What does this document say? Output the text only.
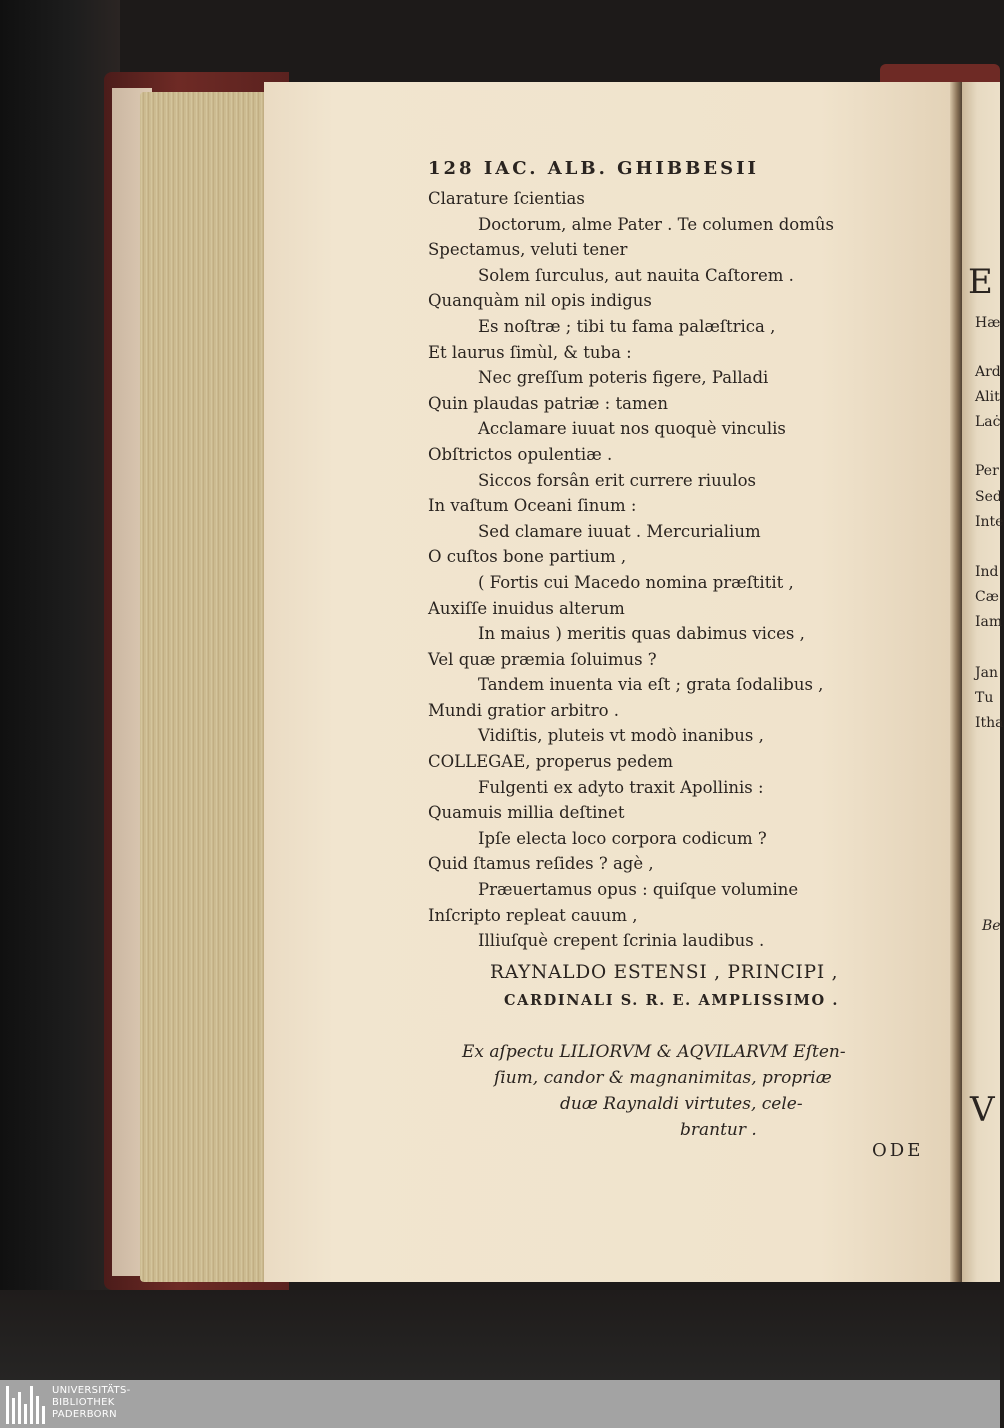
128 IAC. ALB. GHIBBESII
Clarature ſcientias
Doctorum, alme Pater . Te columen domûs
Spectamus, veluti tener
Solem ſurculus, aut nauita Caſtorem .
Quanquàm nil opis indigus
Es noſtræ ; tibi tu fama palæſtrica ,
Et laurus ſimùl, & tuba :
Nec greſſum poteris figere, Palladi
Quin plaudas patriæ : tamen
Acclamare iuuat nos quoquè vinculis
Obſtrictos opulentiæ .
Siccos forsân erit currere riuulos
In vaſtum Oceani ſinum :
Sed clamare iuuat . Mercurialium
O cuſtos bone partium ,
( Fortis cui Macedo nomina præſtitit ,
Auxiſſe inuidus alterum
In maius ) meritis quas dabimus vices ,
Vel quæ præmia ſoluimus ?
Tandem inuenta via eſt ; grata ſodalibus ,
Mundi gratior arbitro .
Vidiſtis, pluteis vt modò inanibus ,
COLLEGAE, properus pedem
Fulgenti ex adyto traxit Apollinis :
Quamuis millia deſtinet
Ipſe electa loco corpora codicum ?
Quid ſtamus reſides ? agè ,
Præuertamus opus : quiſque volumine
Inſcripto repleat cauum ,
Illiuſquè crepent ſcrinia laudibus .
RAYNALDO ESTENSI , PRINCIPI ,
CARDINALI S. R. E. AMPLISSIMO .
Ex aſpectu LILIORVM & AQVILARVM Eſten-
ſium, candor & magnanimitas, propriæ
duæ Raynaldi virtutes, cele-
brantur .
ODE
E
Hæ
Ard
Alit
Laċ
Per
Sed
Inte
Ind
Cæ
Iam
Jan
Tu
Itha
Be
V
UNIVERSITÄTS-
BIBLIOTHEK
PADERBORN
